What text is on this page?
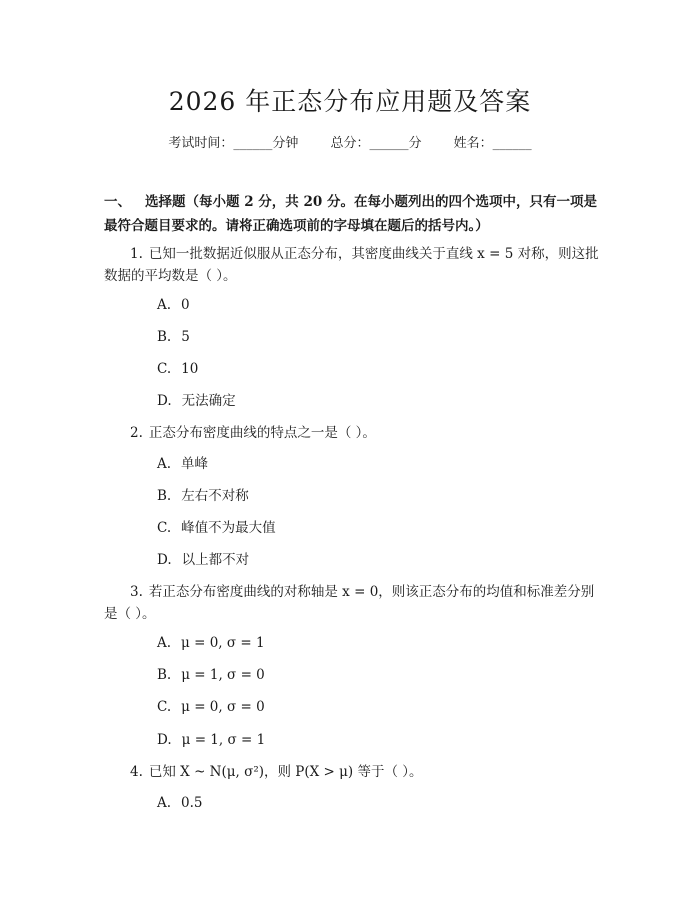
2026 年正态分布应用题及答案
考试时间：______分钟 总分：______分 姓名：______
一、 选择题（每小题 2 分，共 20 分。在每小题列出的四个选项中，只有一项是最符合题目要求的。请将正确选项前的字母填在题后的括号内。）
1. 已知一批数据近似服从正态分布，其密度曲线关于直线 x = 5 对称，则这批数据的平均数是（ ）。
A. 0
B. 5
C. 10
D. 无法确定
2. 正态分布密度曲线的特点之一是（ ）。
A. 单峰
B. 左右不对称
C. 峰值不为最大值
D. 以上都不对
3. 若正态分布密度曲线的对称轴是 x = 0，则该正态分布的均值和标准差分别是（ ）。
A. μ = 0, σ = 1
B. μ = 1, σ = 0
C. μ = 0, σ = 0
D. μ = 1, σ = 1
4. 已知 X ~ N(μ, σ²)，则 P(X > μ) 等于（ ）。
A. 0.5
